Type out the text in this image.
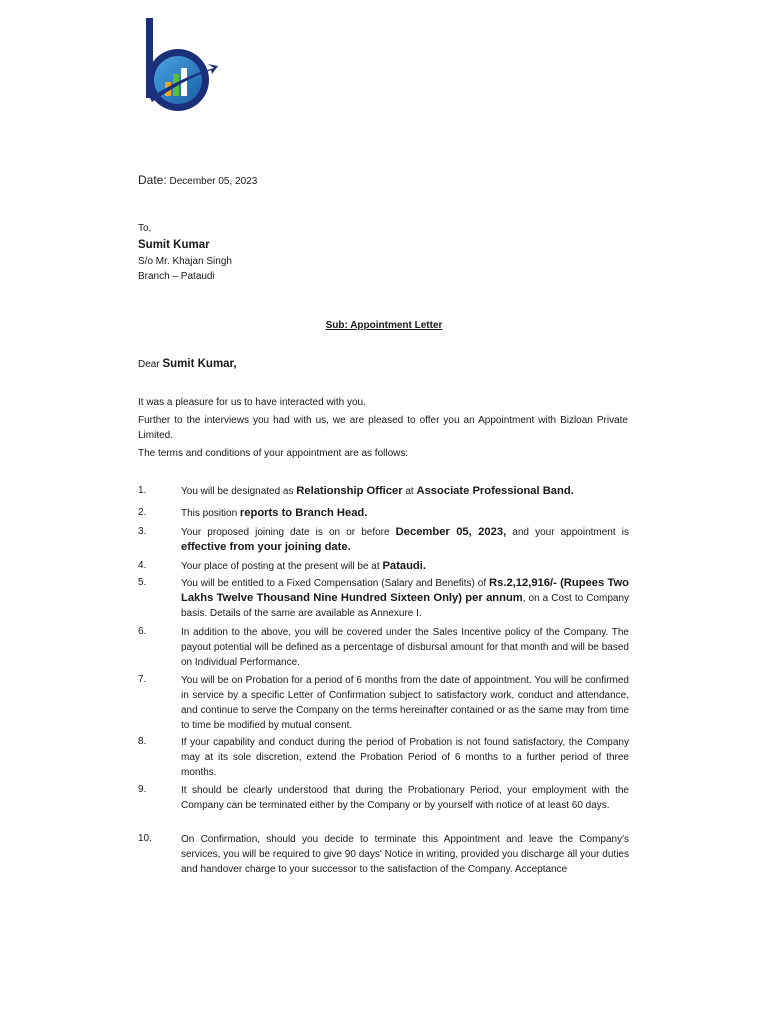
Date: December 05, 2023
To,
Sumit Kumar
S/o Mr. Khajan Singh
Branch – Pataudi
Sub: Appointment Letter
Dear Sumit Kumar,
It was a pleasure for us to have interacted with you.
Further to the interviews you had with us, we are pleased to offer you an Appointment with Bizloan Private Limited.
The terms and conditions of your appointment are as follows:
1.	You will be designated as Relationship Officer at Associate Professional Band.
2.	This position reports to Branch Head.
3.	Your proposed joining date is on or before December 05, 2023, and your appointment is effective from your joining date.
4.	Your place of posting at the present will be at Pataudi.
5.	You will be entitled to a Fixed Compensation (Salary and Benefits) of Rs.2,12,916/- (Rupees Two Lakhs Twelve Thousand Nine Hundred Sixteen Only) per annum, on a Cost to Company basis. Details of the same are available as Annexure I.
6.	In addition to the above, you will be covered under the Sales Incentive policy of the Company. The payout potential will be defined as a percentage of disbursal amount for that month and will be based on Individual Performance.
7.	You will be on Probation for a period of 6 months from the date of appointment. You will be confirmed in service by a specific Letter of Confirmation subject to satisfactory work, conduct and attendance, and continue to serve the Company on the terms hereinafter contained or as the same may from time to time be modified by mutual consent.
8.	If your capability and conduct during the period of Probation is not found satisfactory, the Company may at its sole discretion, extend the Probation Period of 6 months to a further period of three months.
9.	It should be clearly understood that during the Probationary Period, your employment with the Company can be terminated either by the Company or by yourself with notice of at least 60 days.
10.	On Confirmation, should you decide to terminate this Appointment and leave the Company's services, you will be required to give 90 days' Notice in writing, provided you discharge all your duties and handover charge to your successor to the satisfaction of the Company. Acceptance
